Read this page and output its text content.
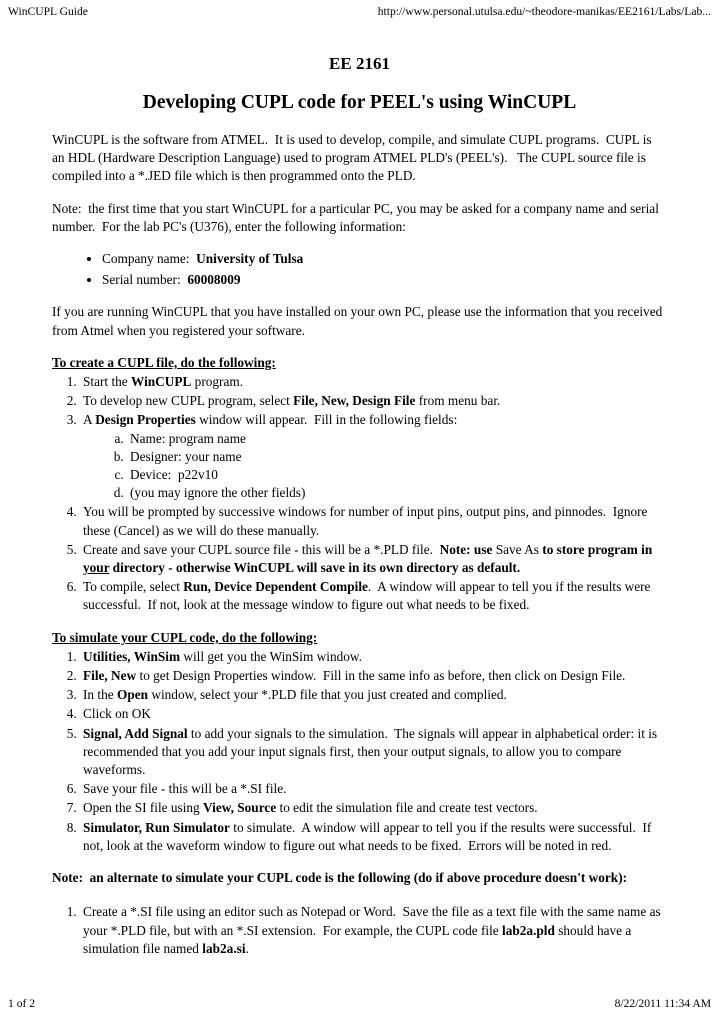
WinCUPL Guide	http://www.personal.utulsa.edu/~theodore-manikas/EE2161/Labs/Lab...
EE 2161
Developing CUPL code for PEEL's using WinCUPL

WinCUPL is the software from ATMEL.  It is used to develop, compile, and simulate CUPL programs.  CUPL is an HDL (Hardware Description Language) used to program ATMEL PLD's (PEEL's).   The CUPL source file is compiled into a *.JED file which is then programmed onto the PLD.

Note:  the first time that you start WinCUPL for a particular PC, you may be asked for a company name and serial number.  For the lab PC's (U376), enter the following information:

• Company name:  University of Tulsa
• Serial number:  60008009

If you are running WinCUPL that you have installed on your own PC, please use the information that you received from Atmel when you registered your software.

To create a CUPL file, do the following:

1. Start the WinCUPL program.
2. To develop new CUPL program, select File, New, Design File from menu bar.
3. A Design Properties window will appear.  Fill in the following fields:
a. Name: program name
b. Designer: your name
c. Device:  p22v10
d. (you may ignore the other fields)
4. You will be prompted by successive windows for number of input pins, output pins, and pinnodes.  Ignore these (Cancel) as we will do these manually.
5. Create and save your CUPL source file - this will be a *.PLD file.  Note: use Save As to store program in your directory - otherwise WinCUPL will save in its own directory as default.
6. To compile, select Run, Device Dependent Compile.  A window will appear to tell you if the results were successful.  If not, look at the message window to figure out what needs to be fixed.

To simulate your CUPL code, do the following:

1. Utilities, WinSim will get you the WinSim window.
2. File, New to get Design Properties window.  Fill in the same info as before, then click on Design File.
3. In the Open window, select your *.PLD file that you just created and complied.
4. Click on OK
5. Signal, Add Signal to add your signals to the simulation.  The signals will appear in alphabetical order: it is recommended that you add your input signals first, then your output signals, to allow you to compare waveforms.
6. Save your file - this will be a *.SI file.
7. Open the SI file using View, Source to edit the simulation file and create test vectors.
8. Simulator, Run Simulator to simulate.  A window will appear to tell you if the results were successful.  If not, look at the waveform window to figure out what needs to be fixed.  Errors will be noted in red.

Note:  an alternate to simulate your CUPL code is the following (do if above procedure doesn't work):

1. Create a *.SI file using an editor such as Notepad or Word.  Save the file as a text file with the same name as your *.PLD file, but with an *.SI extension.  For example, the CUPL code file lab2a.pld should have a simulation file named lab2a.si.
1 of 2	8/22/2011 11:34 AM
